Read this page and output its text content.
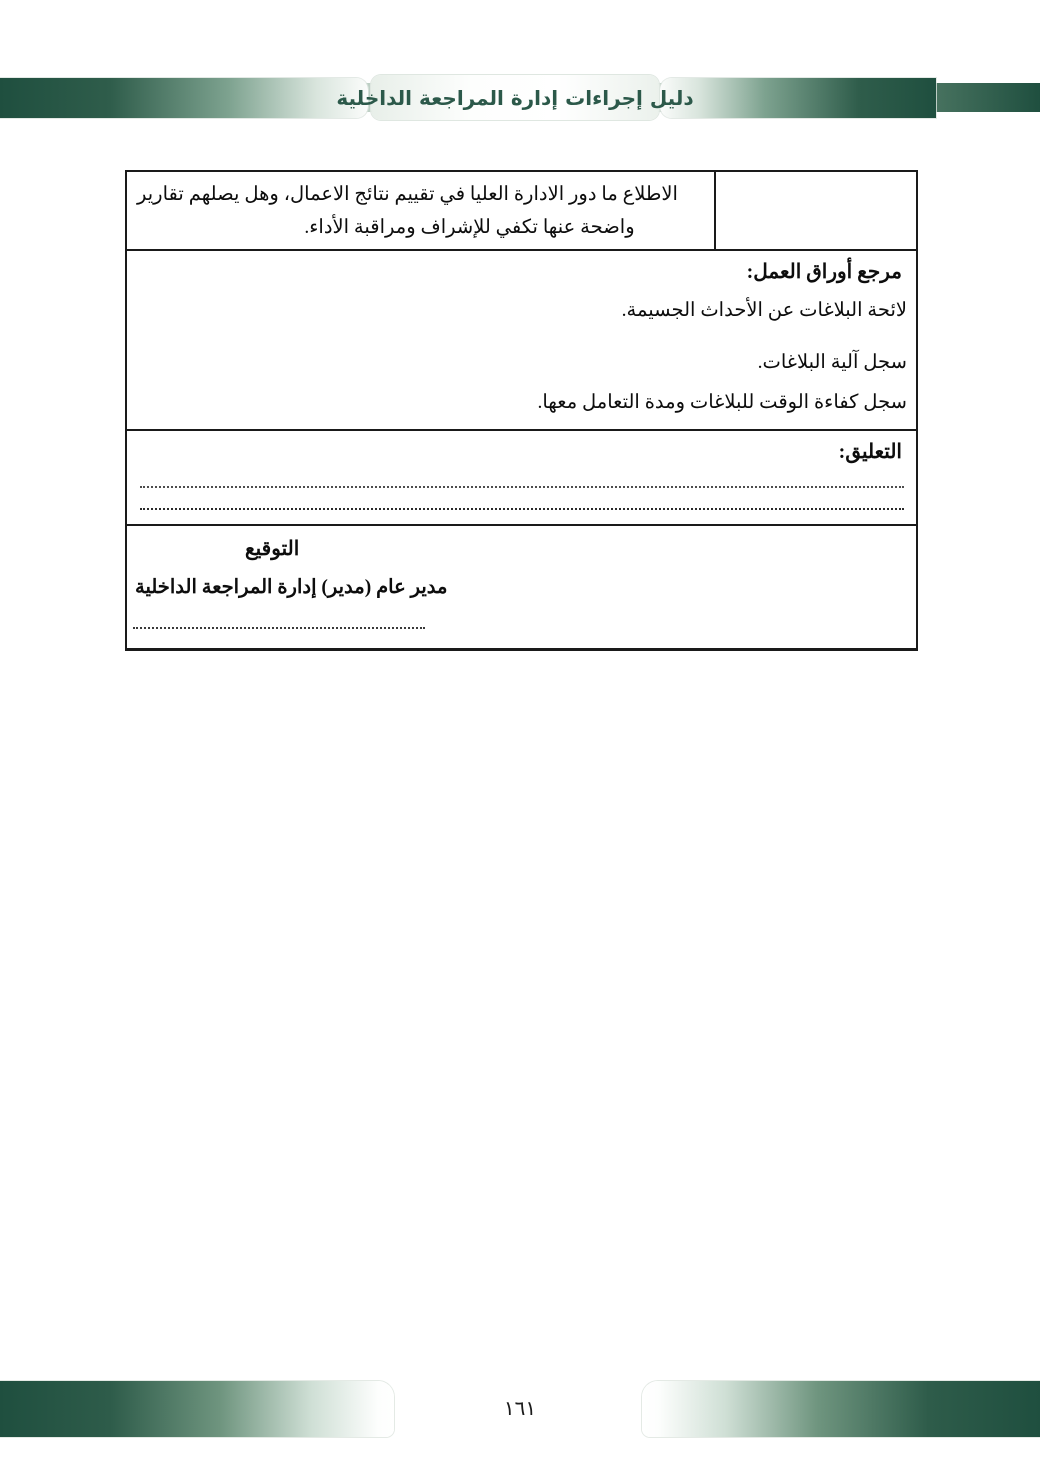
دليل إجراءات إدارة المراجعة الداخلية
الاطلاع ما دور الادارة العليا في تقييم نتائج الاعمال، وهل يصلهم تقارير
واضحة عنها تكفي للإشراف ومراقبة الأداء.
مرجع أوراق العمل:
لائحة البلاغات عن الأحداث الجسيمة.
سجل آلية البلاغات.
سجل كفاءة الوقت للبلاغات ومدة التعامل معها.
التعليق:
التوقيع
مدير عام (مدير) إدارة المراجعة الداخلية
١٦١
